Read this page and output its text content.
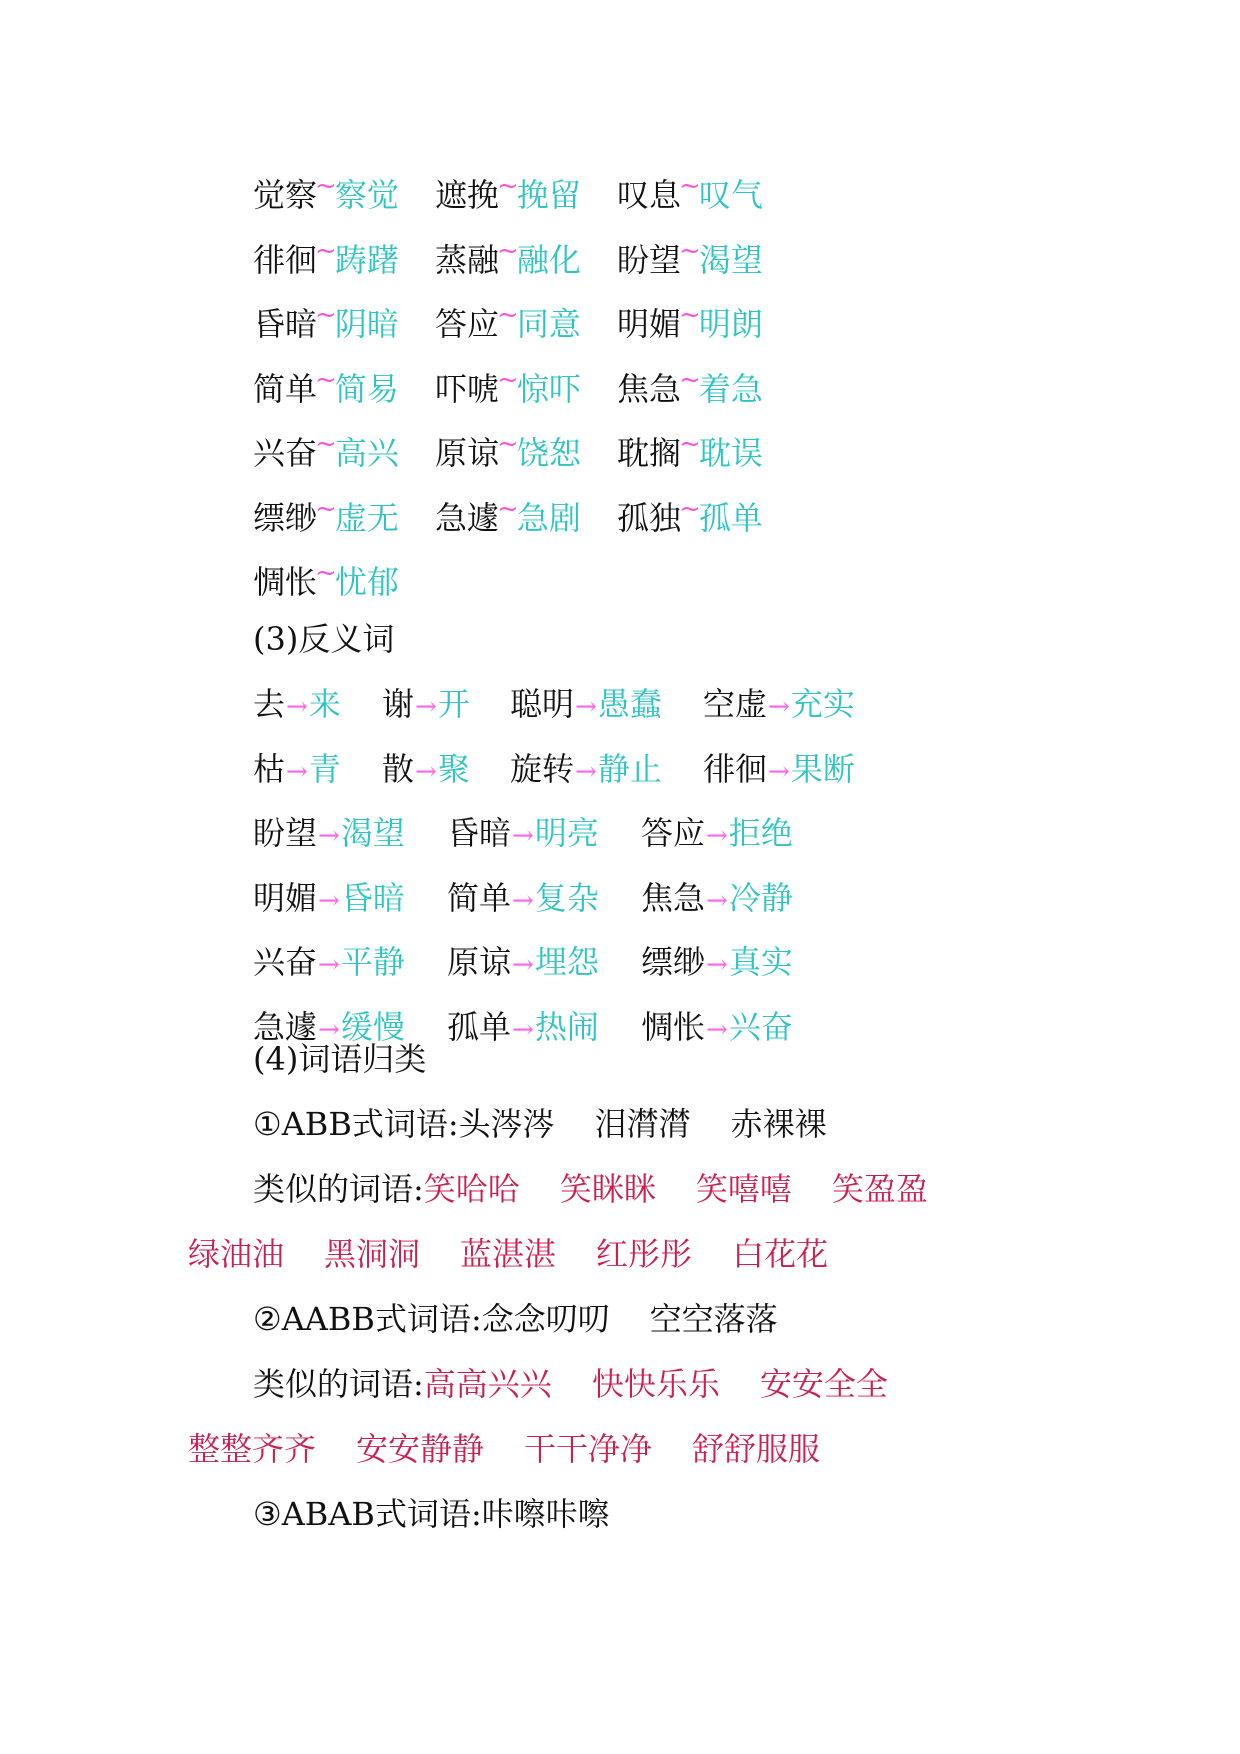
觉察~察觉 遮挽~挽留 叹息~叹气
徘徊~踌躇 蒸融~融化 盼望~渴望
昏暗~阴暗 答应~同意 明媚~明朗
简单~简易 吓唬~惊吓 焦急~着急
兴奋~高兴 原谅~饶恕 耽搁~耽误
缥缈~虚无 急遽~急剧 孤独~孤单
惆怅~忧郁
(3)反义词
去→来 谢→开 聪明→愚蠢 空虚→充实
枯→青 散→聚 旋转→静止 徘徊→果断
盼望→渴望 昏暗→明亮 答应→拒绝
明媚→昏暗 简单→复杂 焦急→冷静
兴奋→平静 原谅→埋怨 缥缈→真实
急遽→缓慢 孤单→热闹 惆怅→兴奋
(4)词语归类
①ABB式词语:头涔涔 泪潸潸 赤裸裸
类似的词语:笑哈哈 笑眯眯 笑嘻嘻 笑盈盈
绿油油 黑洞洞 蓝湛湛 红彤彤 白花花
②AABB式词语:念念叨叨 空空落落
类似的词语:高高兴兴 快快乐乐 安安全全
整整齐齐 安安静静 干干净净 舒舒服服
③ABAB式词语:咔嚓咔嚓
